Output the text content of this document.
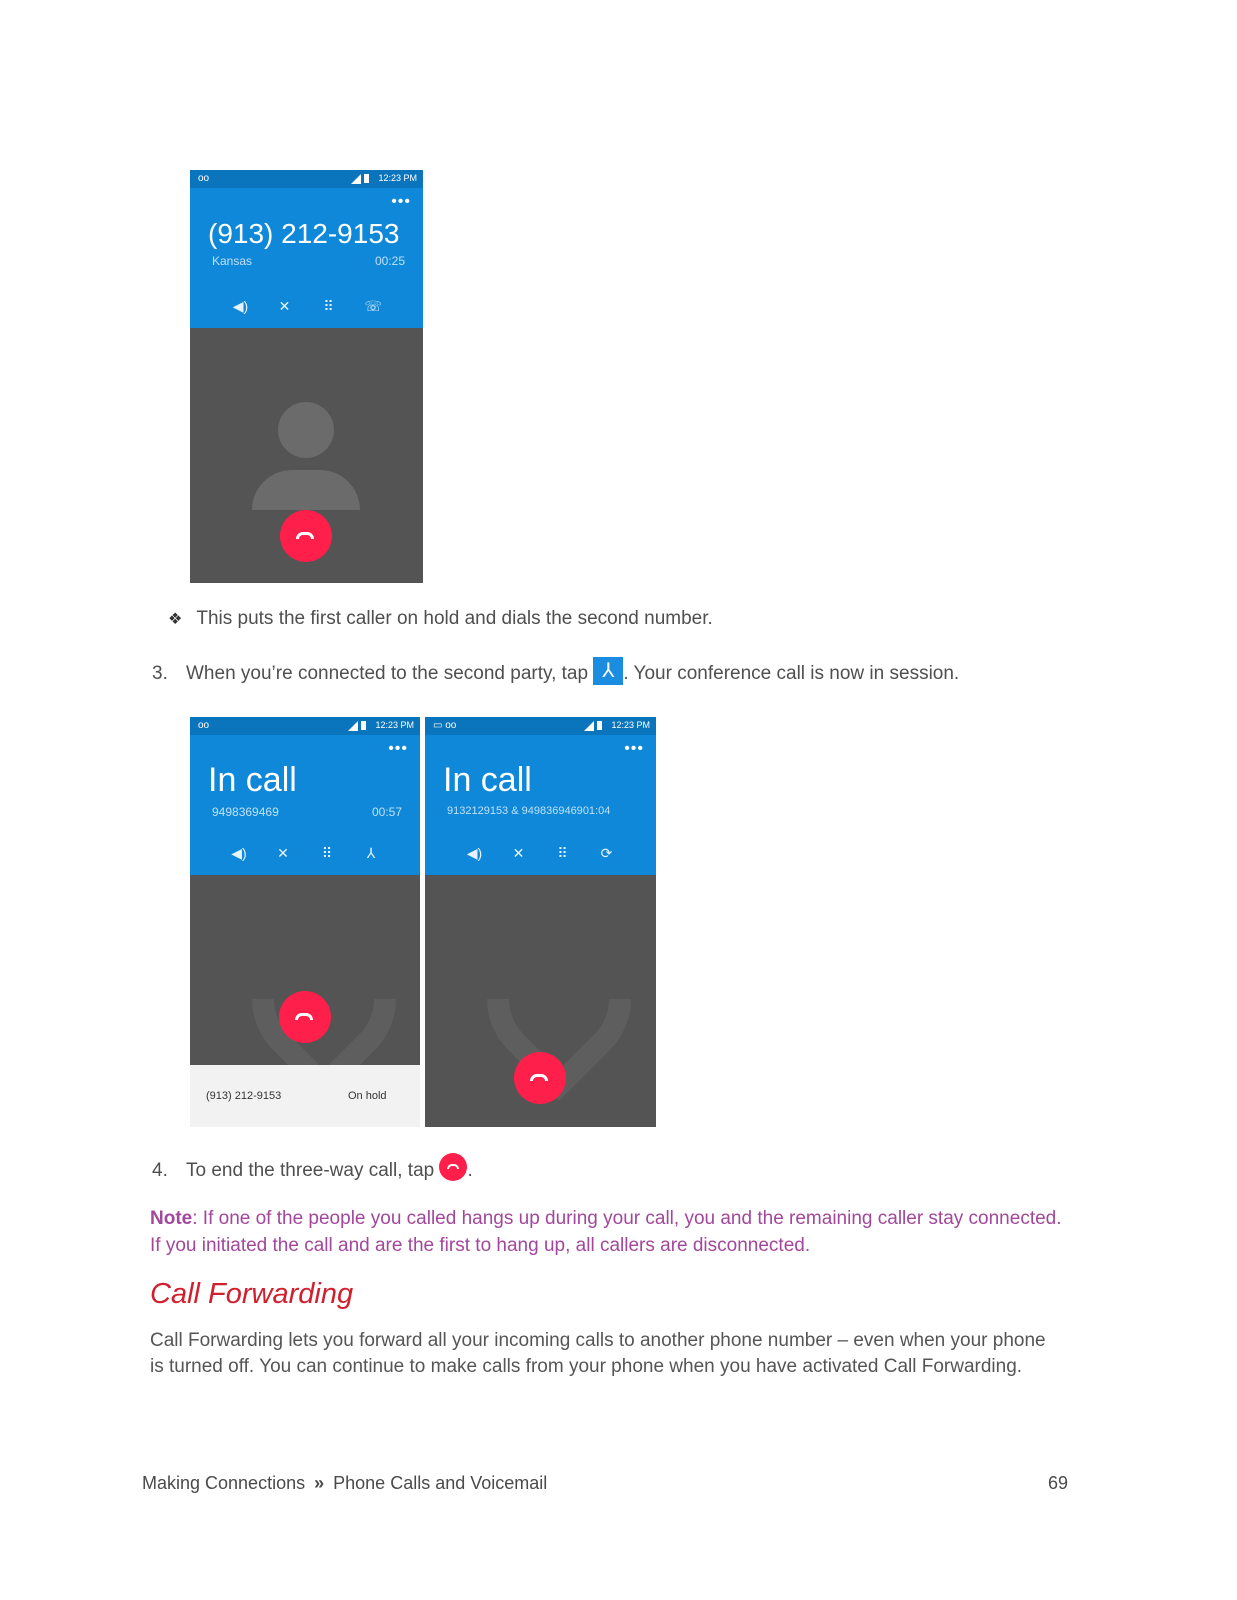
oo	12:23 PM
•••
(913) 212-9153
Kansas	00:25
◀) ✕ ⠿ ☏
❖ This puts the first caller on hold and dials the second number.
3. When you’re connected to the second party, tap ⅄ . Your conference call is now in session.
oo	12:23 PM
•••
In call
9498369469	00:57
◀) ✕ ⠿ ⅄
(913) 212-9153	On hold
▭ oo	12:23 PM
•••
In call
9132129153 & 949836946901:04
◀) ✕ ⠿ ⟳
4. To end the three-way call, tap .
Note: If one of the people you called hangs up during your call, you and the remaining caller stay connected. If you initiated the call and are the first to hang up, all callers are disconnected.
Call Forwarding
Call Forwarding lets you forward all your incoming calls to another phone number – even when your phone is turned off. You can continue to make calls from your phone when you have activated Call Forwarding.
Making Connections » Phone Calls and Voicemail	69
